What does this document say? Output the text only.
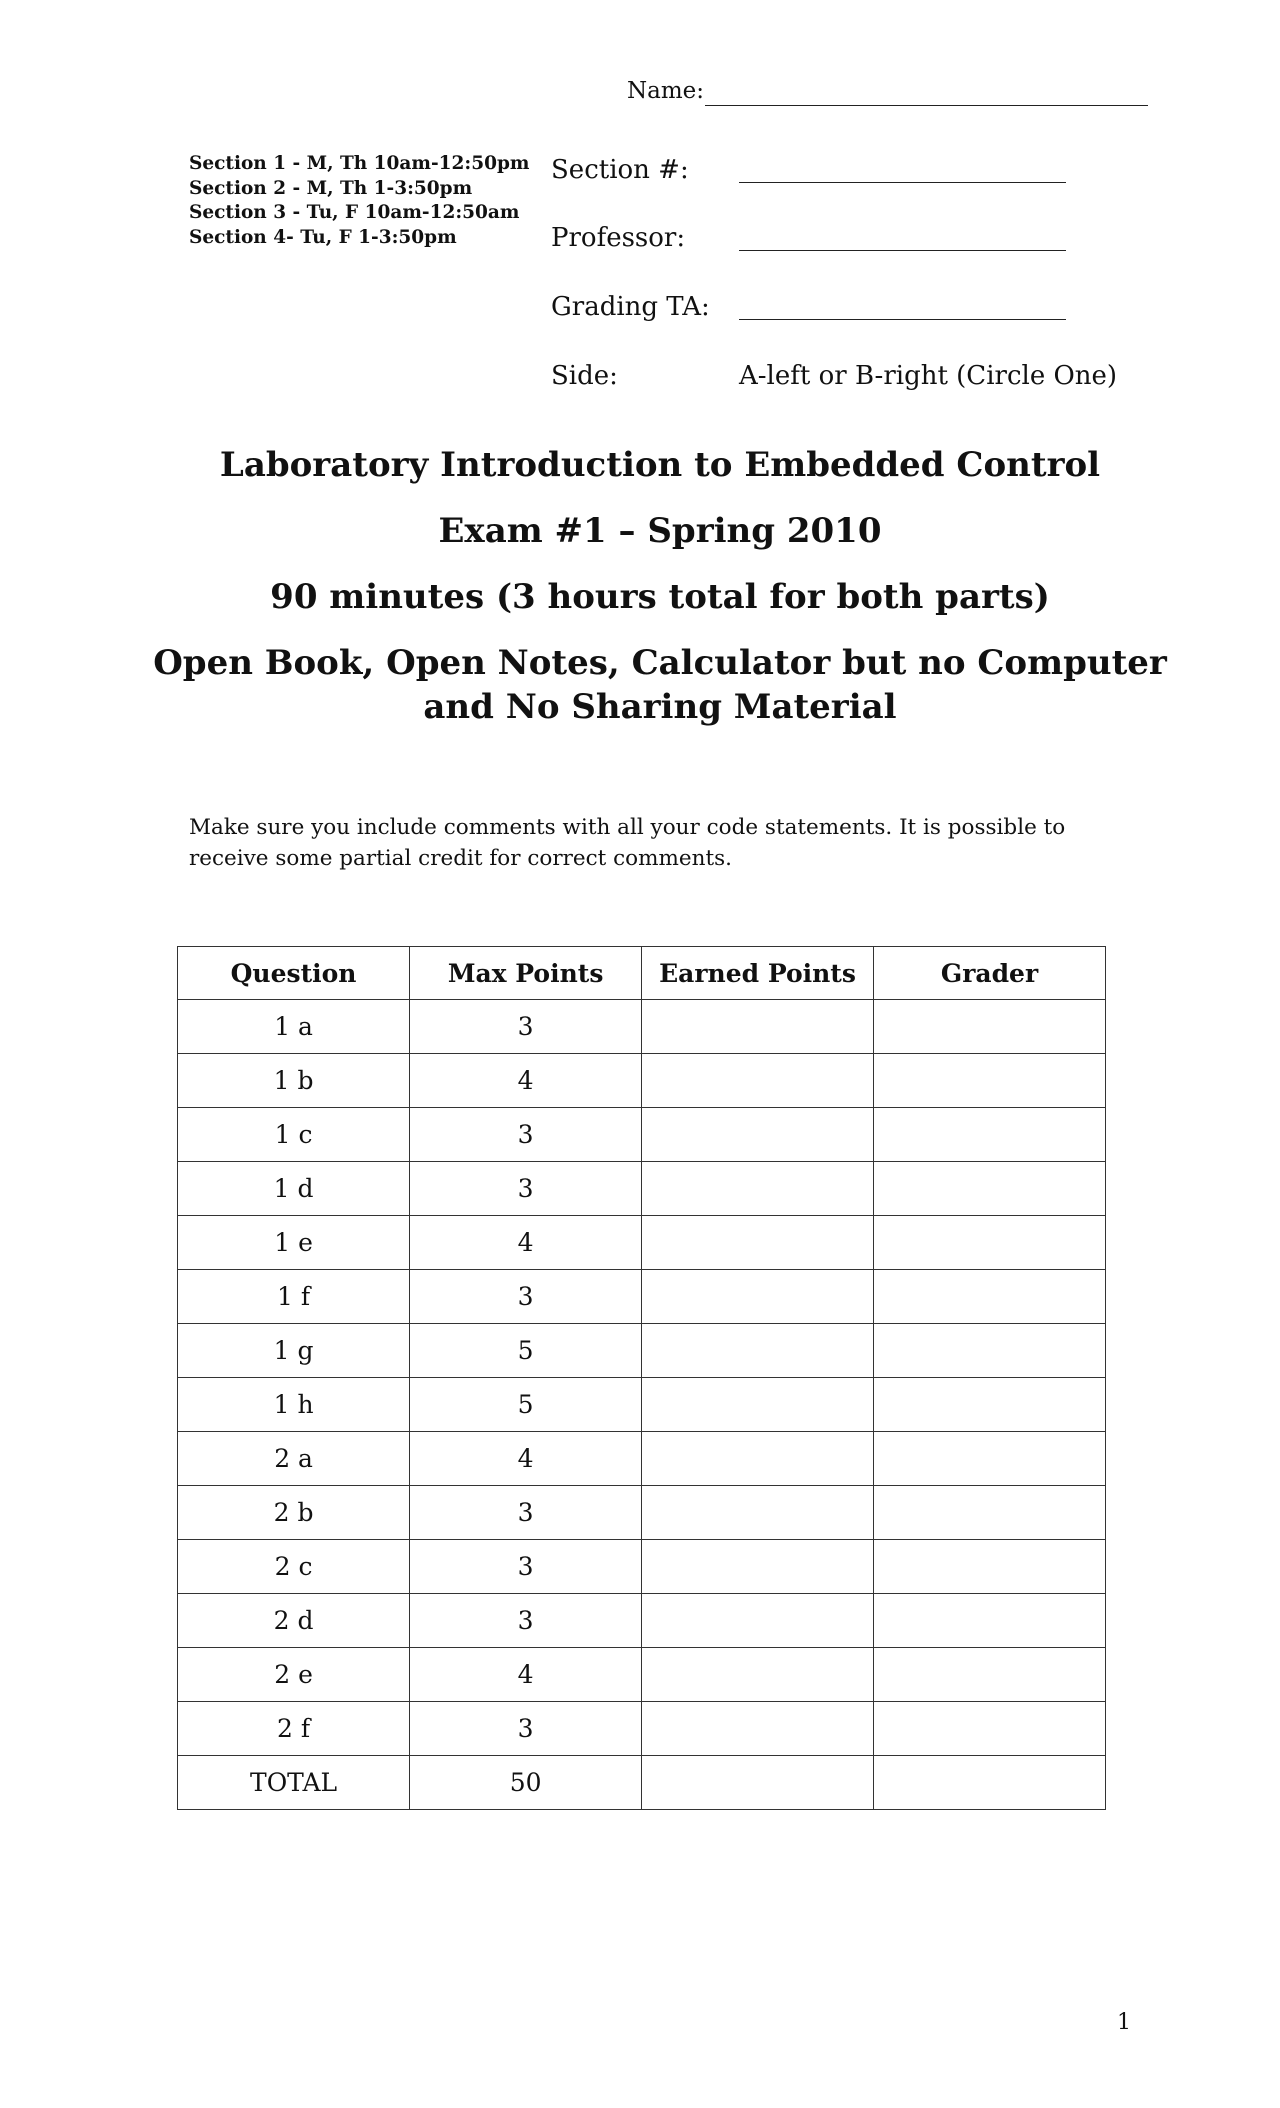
Name:
Section 1 - M, Th 10am-12:50pm
Section 2 - M, Th 1-3:50pm
Section 3 - Tu, F 10am-12:50am
Section 4- Tu, F 1-3:50pm
Section #:
Professor:
Grading TA:
Side:	A-left or B-right (Circle One)
Laboratory Introduction to Embedded Control
Exam #1 – Spring 2010
90 minutes (3 hours total for both parts)
Open Book, Open Notes, Calculator but no Computer
and No Sharing Material
Make sure you include comments with all your code statements. It is possible to receive some partial credit for correct comments.
Question	Max Points	Earned Points	Grader
1 a	3		
1 b	4		
1 c	3		
1 d	3		
1 e	4		
1 f	3		
1 g	5		
1 h	5		
2 a	4		
2 b	3		
2 c	3		
2 d	3		
2 e	4		
2 f	3		
TOTAL	50		
1
